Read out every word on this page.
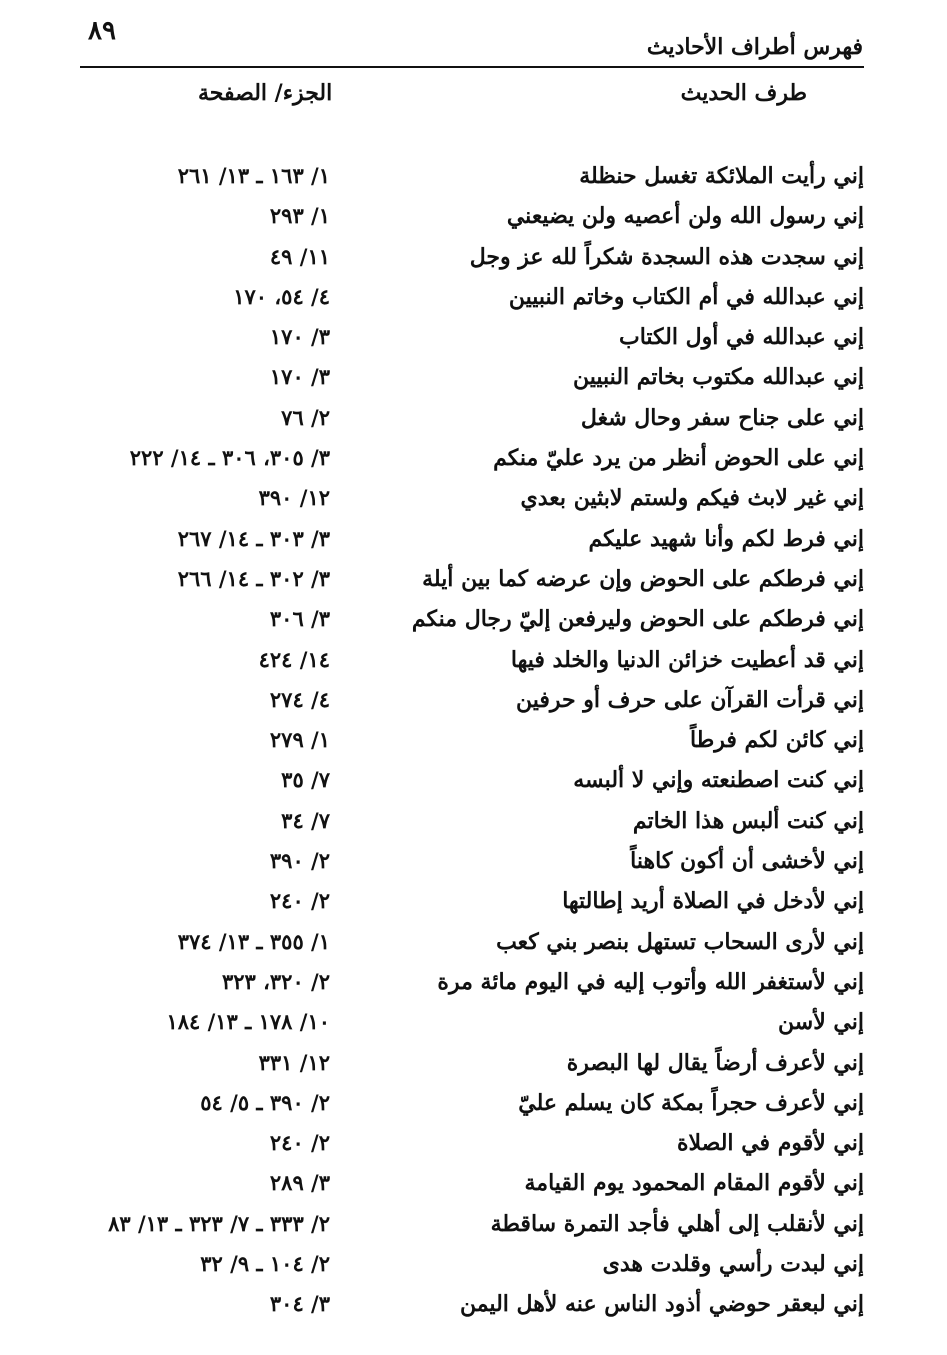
٨٩
فهرس أطراف الأحاديث
طرف الحديث
الجزء/ الصفحة
إني رأيت الملائكة تغسل حنظلة
١/ ١٦٣ ـ ١٣/ ٢٦١
إني رسول الله ولن أعصيه ولن يضيعني
١/ ٢٩٣
إني سجدت هذه السجدة شكراً لله عز وجل
١١/ ٤٩
إني عبدالله في أم الكتاب وخاتم النبيين
٤/ ٥٤، ١٧٠
إني عبدالله في أول الكتاب
٣/ ١٧٠
إني عبدالله مكتوب بخاتم النبيين
٣/ ١٧٠
إني على جناح سفر وحال شغل
٢/ ٧٦
إني على الحوض أنظر من يرد عليّ منكم
٣/ ٣٠٥، ٣٠٦ ـ ١٤/ ٢٢٢
إني غير لابث فيكم ولستم لابثين بعدي
١٢/ ٣٩٠
إني فرط لكم وأنا شهيد عليكم
٣/ ٣٠٣ ـ ١٤/ ٢٦٧
إني فرطكم على الحوض وإن عرضه كما بين أيلة
٣/ ٣٠٢ ـ ١٤/ ٢٦٦
إني فرطكم على الحوض وليرفعن إليّ رجال منكم
٣/ ٣٠٦
إني قد أعطيت خزائن الدنيا والخلد فيها
١٤/ ٤٢٤
إني قرأت القرآن على حرف أو حرفين
٤/ ٢٧٤
إني كائن لكم فرطاً
١/ ٢٧٩
إني كنت اصطنعته وإني لا ألبسه
٧/ ٣٥
إني كنت ألبس هذا الخاتم
٧/ ٣٤
إني لأخشى أن أكون كاهناً
٢/ ٣٩٠
إني لأدخل في الصلاة أريد إطالتها
٢/ ٢٤٠
إني لأرى السحاب تستهل بنصر بني كعب
١/ ٣٥٥ ـ ١٣/ ٣٧٤
إني لأستغفر الله وأتوب إليه في اليوم مائة مرة
٢/ ٣٢٠، ٣٢٣
إني لأسن
١٠/ ١٧٨ ـ ١٣/ ١٨٤
إني لأعرف أرضاً يقال لها البصرة
١٢/ ٣٣١
إني لأعرف حجراً بمكة كان يسلم عليّ
٢/ ٣٩٠ ـ ٥/ ٥٤
إني لأقوم في الصلاة
٢/ ٢٤٠
إني لأقوم المقام المحمود يوم القيامة
٣/ ٢٨٩
إني لأنقلب إلى أهلي فأجد التمرة ساقطة
٢/ ٣٣٣ ـ ٧/ ٣٢٣ ـ ١٣/ ٨٣
إني لبدت رأسي وقلدت هدى
٢/ ١٠٤ ـ ٩/ ٣٢
إني لبعقر حوضي أذود الناس عنه لأهل اليمن
٣/ ٣٠٤
